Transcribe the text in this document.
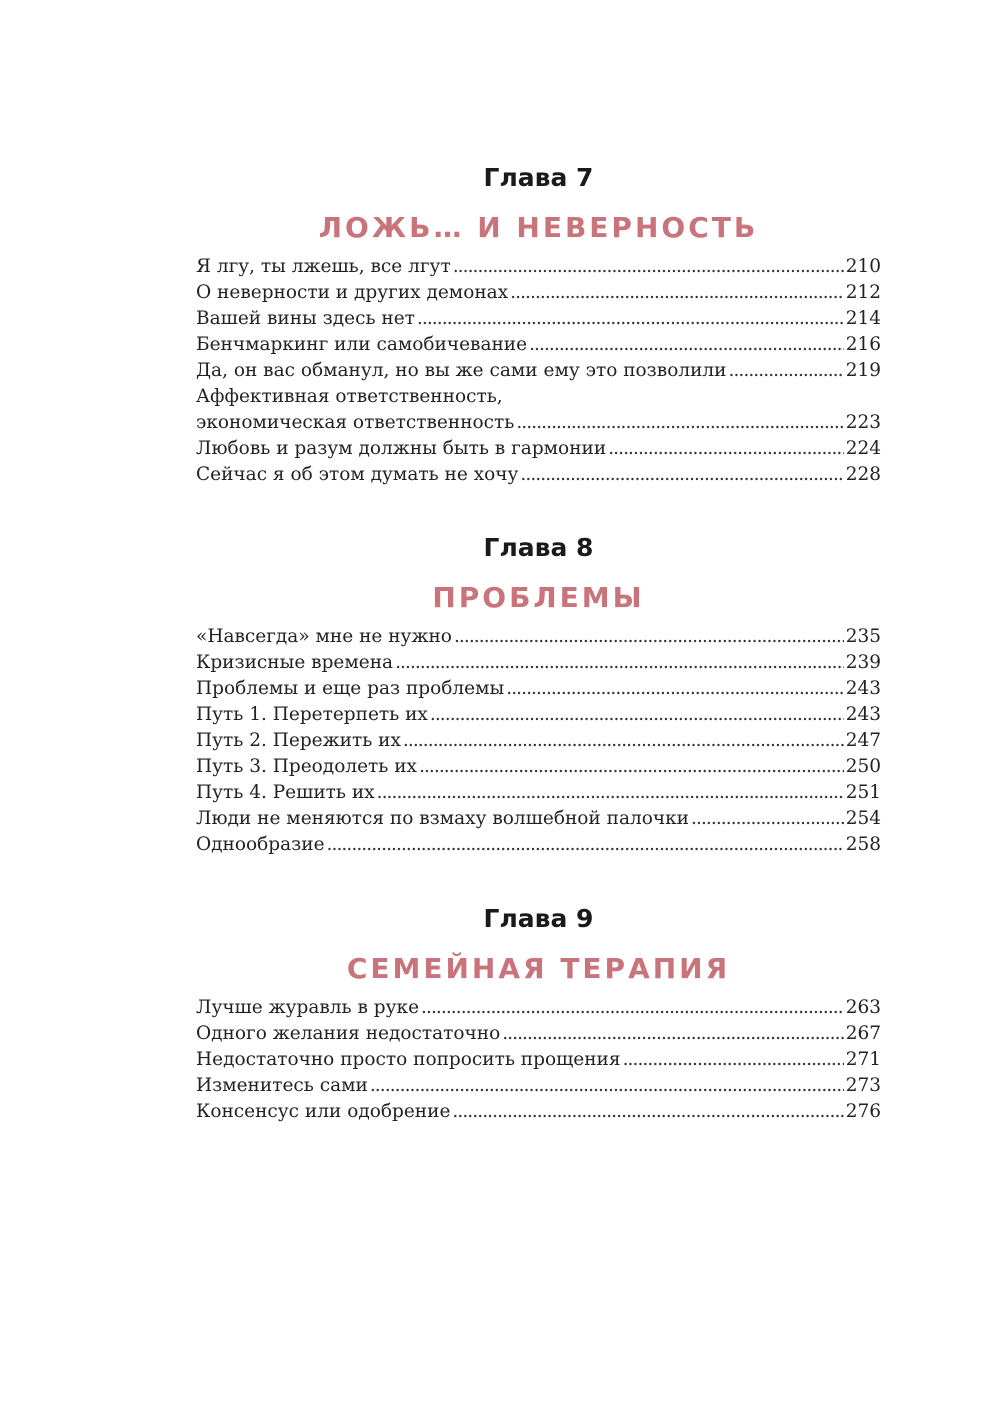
Глава 7
ЛОЖЬ… И НЕВЕРНОСТЬ
Я лгу, ты лжешь, все лгут . . .	210
О неверности и других демонах . . .	212
Вашей вины здесь нет . . .	214
Бенчмаркинг или самобичевание . . .	216
Да, он вас обманул, но вы же сами ему это позволили . . .	219
Аффективная ответственность,
экономическая ответственность . . .	223
Любовь и разум должны быть в гармонии . . .	224
Сейчас я об этом думать не хочу . . .	228
Глава 8
ПРОБЛЕМЫ
«Навсегда» мне не нужно . . .	235
Кризисные времена . . .	239
Проблемы и еще раз проблемы . . .	243
Путь 1. Перетерпеть их . . .	243
Путь 2. Пережить их . . .	247
Путь 3. Преодолеть их . . .	250
Путь 4. Решить их . . .	251
Люди не меняются по взмаху волшебной палочки . . .	254
Однообразие . . .	258
Глава 9
СЕМЕЙНАЯ ТЕРАПИЯ
Лучше журавль в руке . . .	263
Одного желания недостаточно . . .	267
Недостаточно просто попросить прощения . . .	271
Изменитесь сами . . .	273
Консенсус или одобрение . . .	276
